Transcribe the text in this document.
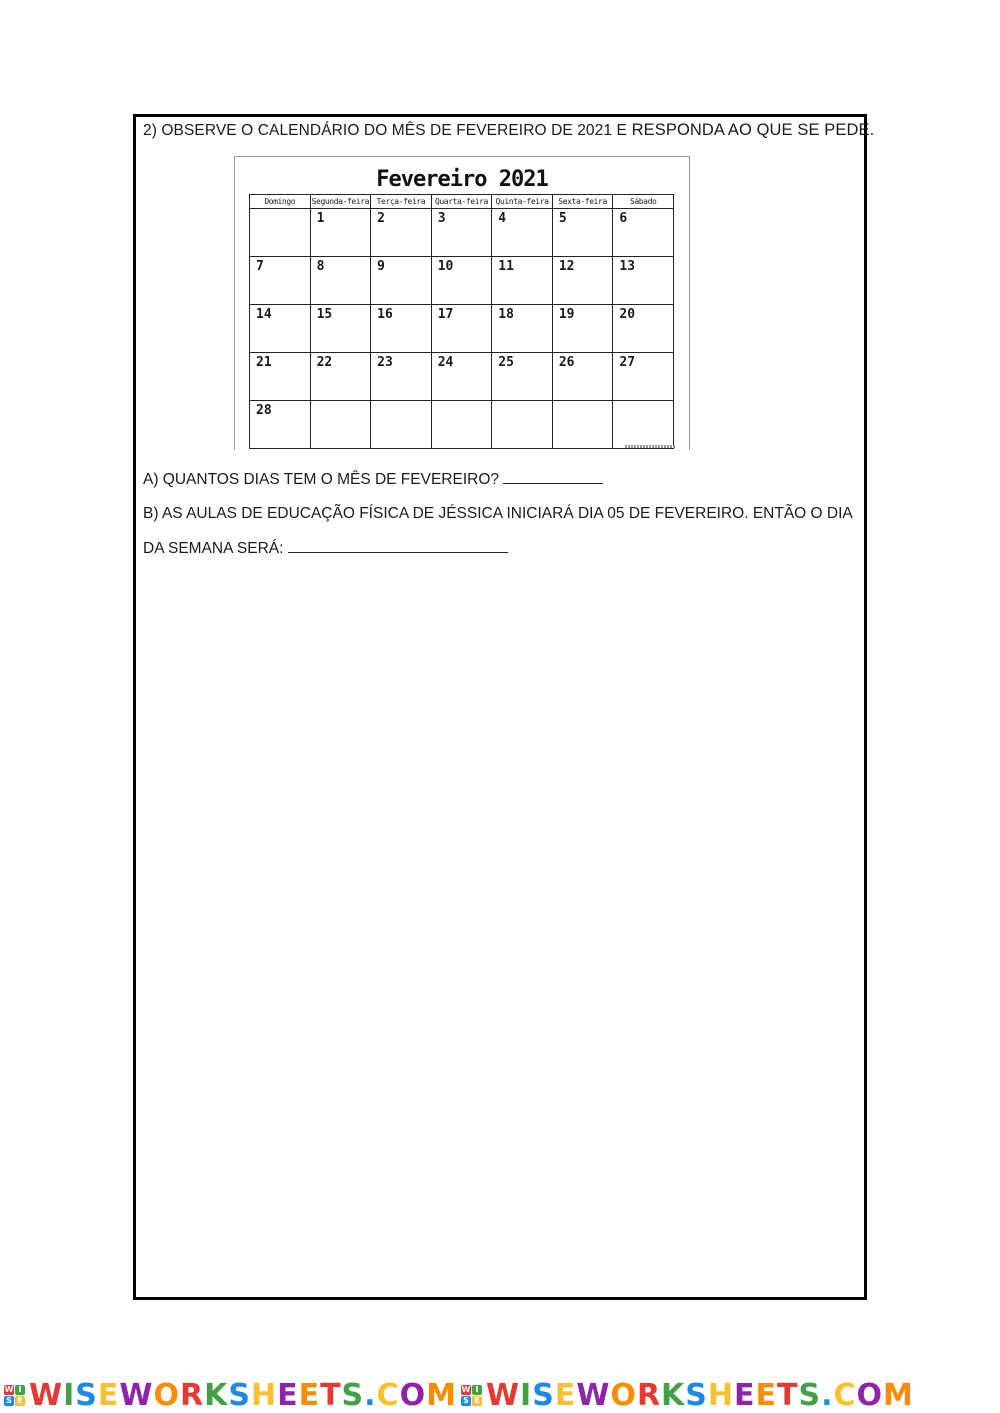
2) OBSERVE O CALENDÁRIO DO MÊS DE FEVEREIRO DE 2021 E RESPONDA AO QUE SE PEDE.
Fevereiro 2021
Domingo	Segunda-feira	Terça-feira	Quarta-feira	Quinta-feira	Sexta-feira	Sábado

	1	2	3	4	5	6

7	8	9	10	11	12	13

14	15	16	17	18	19	20

21	22	23	24	25	26	27

28						

A) QUANTOS DIAS TEM O MÊS DE FEVEREIRO?
B) AS AULAS DE EDUCAÇÃO FÍSICA DE JÉSSICA INICIARÁ DIA 05 DE FEVEREIRO. ENTÃO O DIA
DA SEMANA SERÁ:
W I
S E WISEWORKSHEETS.COM W I
S E WISEWORKSHEETS.COM
